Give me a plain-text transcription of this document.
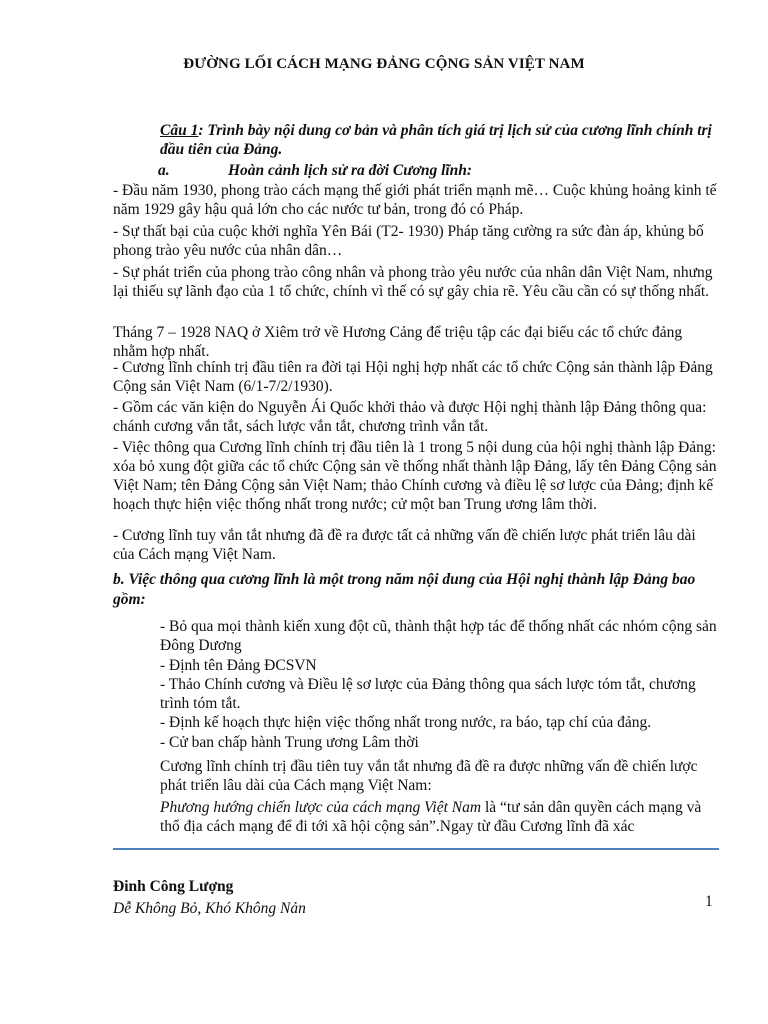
ĐƯỜNG LỐI CÁCH MẠNG ĐẢNG CỘNG SẢN VIỆT NAM
Câu 1: Trình bày nội dung cơ bản và phân tích giá trị lịch sử của cương lĩnh chính trị đầu tiên của Đảng.
a.	Hoàn cảnh lịch sử ra đời Cương lĩnh:
- Đầu năm 1930, phong trào cách mạng thế giới phát triển mạnh mẽ… Cuộc khủng hoảng kinh tế năm 1929 gây hậu quả lớn cho các nước tư bản, trong đó có Pháp.
- Sự thất bại của cuộc khởi nghĩa Yên Bái (T2- 1930) Pháp tăng cường ra sức đàn áp, khủng bố phong trào yêu nước của nhân dân…
- Sự phát triển của phong trào công nhân và phong trào yêu nước của nhân dân Việt Nam, nhưng lại thiếu sự lãnh đạo của 1 tổ chức, chính vì thế có sự gây chia rẽ. Yêu cầu cần có sự thống nhất.
Tháng 7 – 1928 NAQ ở Xiêm trở về Hương Cảng để triệu tập các đại biểu các tổ chức đảng nhằm hợp nhất.
- Cương lĩnh chính trị đầu tiên ra đời tại Hội nghị hợp nhất các tổ chức Cộng sản thành lập Đảng Cộng sản Việt Nam (6/1-7/2/1930).
- Gồm các văn kiện do Nguyễn Ái Quốc khởi thảo và được Hội nghị thành lập Đảng thông qua: chánh cương vắn tắt, sách lược vắn tắt, chương trình vắn tắt.
- Việc thông qua Cương lĩnh chính trị đầu tiên là 1 trong 5 nội dung của hội nghị thành lập Đảng: xóa bỏ xung đột giữa các tổ chức Cộng sản về thống nhất thành lập Đảng, lấy tên Đảng Cộng sản Việt Nam; tên Đảng Cộng sản Việt Nam; thảo Chính cương và điều lệ sơ lược của Đảng; định kế hoạch thực hiện việc thống nhất trong nước; cử một ban Trung ương lâm thời.
- Cương lĩnh tuy vắn tắt nhưng đã đề ra được tất cả những vấn đề chiến lược phát triển lâu dài của Cách mạng Việt Nam.
b. Việc thông qua cương lĩnh là một trong năm nội dung của Hội nghị thành lập Đảng bao gồm:
- Bỏ qua mọi thành kiến xung đột cũ, thành thật hợp tác để thống nhất các nhóm cộng sản Đông Dương
- Định tên Đảng ĐCSVN
- Thảo Chính cương và Điều lệ sơ lược của Đảng thông qua sách lược tóm tắt, chương trình tóm tắt.
- Định kế hoạch thực hiện việc thống nhất trong nước, ra báo, tạp chí của đảng.
- Cử ban chấp hành Trung ương Lâm thời
Cương lĩnh chính trị đầu tiên tuy vắn tắt nhưng đã đề ra được những vấn đề chiến lược phát triển lâu dài của Cách mạng Việt Nam:
Phương hướng chiến lược của cách mạng Việt Nam là “tư sản dân quyền cách mạng và thổ địa cách mạng để đi tới xã hội cộng sản”.Ngay từ đầu Cương lĩnh đã xác
Đinh Công Lượng
Dễ Không Bỏ, Khó Không Nản	1
